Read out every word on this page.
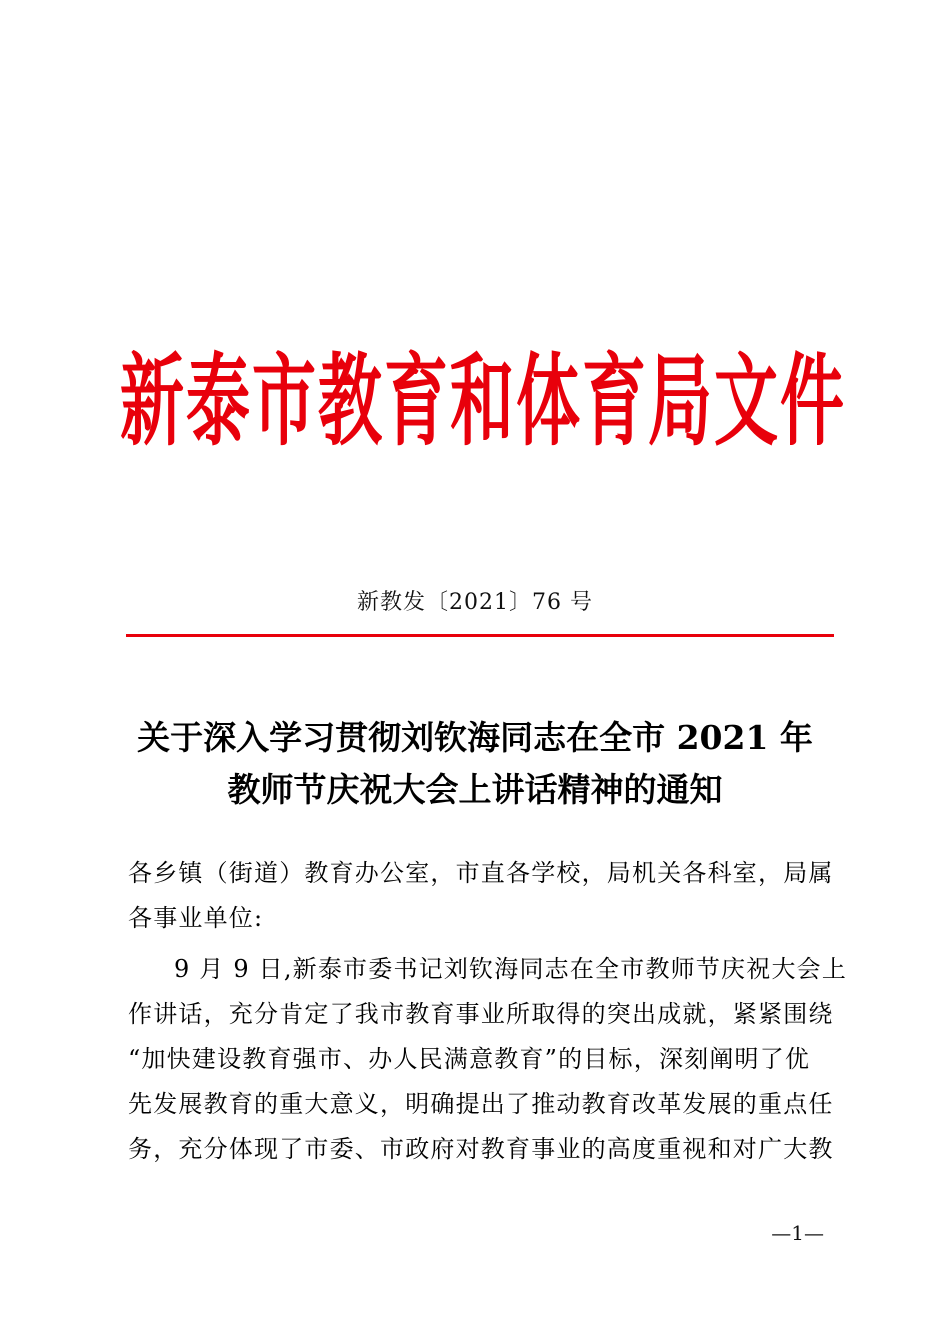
新泰市教育和体育局文件
新教发〔2021〕76 号
关于深入学习贯彻刘钦海同志在全市 2021 年
教师节庆祝大会上讲话精神的通知
各乡镇（街道）教育办公室，市直各学校，局机关各科室，局属
各事业单位:
9 月 9 日,新泰市委书记刘钦海同志在全市教师节庆祝大会上
作讲话，充分肯定了我市教育事业所取得的突出成就，紧紧围绕
“加快建设教育强市、办人民满意教育”的目标，深刻阐明了优
先发展教育的重大意义，明确提出了推动教育改革发展的重点任
务，充分体现了市委、市政府对教育事业的高度重视和对广大教
—1—
